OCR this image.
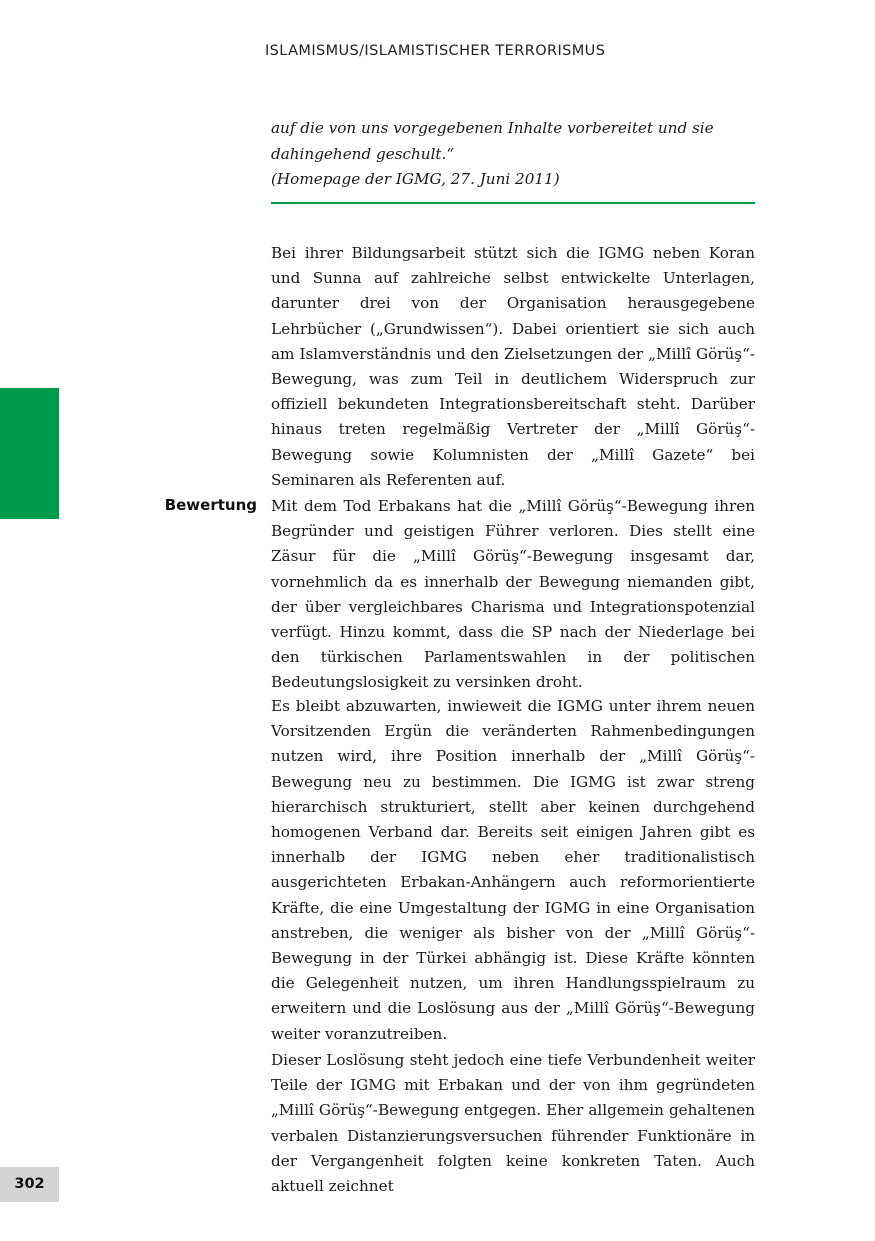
ISLAMISMUS/ISLAMISTISCHER TERRORISMUS

auf die von uns vorgegebenen Inhalte vorbereitet und sie dahingehend geschult.“

(Homepage der IGMG, 27. Juni 2011)

Bei ihrer Bildungsarbeit stützt sich die IGMG neben Koran und Sunna auf zahlreiche selbst entwickelte Unterlagen, darunter drei von der Organisation herausgegebene Lehrbücher („Grundwissen“). Dabei orientiert sie sich auch am Islamverständnis und den Zielsetzungen der „Millî Görüş“-Bewegung, was zum Teil in deutlichem Widerspruch zur offiziell bekundeten Integrationsbereitschaft steht. Darüber hinaus treten regelmäßig Vertreter der „Millî Görüş“-Bewegung sowie Kolumnisten der „Millî Gazete“ bei Seminaren als Referenten auf.

Bewertung Mit dem Tod Erbakans hat die „Millî Görüş“-Bewegung ihren Begründer und geistigen Führer verloren. Dies stellt eine Zäsur für die „Millî Görüş“-Bewegung insgesamt dar, vornehmlich da es innerhalb der Bewegung niemanden gibt, der über vergleichbares Charisma und Integrationspotenzial verfügt. Hinzu kommt, dass die SP nach der Niederlage bei den türkischen Parlamentswahlen in der politischen Bedeutungslosigkeit zu versinken droht.

Es bleibt abzuwarten, inwieweit die IGMG unter ihrem neuen Vorsitzenden Ergün die veränderten Rahmenbedingungen nutzen wird, ihre Position innerhalb der „Millî Görüş“-Bewegung neu zu bestimmen. Die IGMG ist zwar streng hierarchisch strukturiert, stellt aber keinen durchgehend homogenen Verband dar. Bereits seit einigen Jahren gibt es innerhalb der IGMG neben eher traditionalistisch ausgerichteten Erbakan-Anhängern auch reformorientierte Kräfte, die eine Umgestaltung der IGMG in eine Organisation anstreben, die weniger als bisher von der „Millî Görüş“-Bewegung in der Türkei abhängig ist. Diese Kräfte könnten die Gelegenheit nutzen, um ihren Handlungsspielraum zu erweitern und die Loslösung aus der „Millî Görüş“-Bewegung weiter voranzutreiben.

Dieser Loslösung steht jedoch eine tiefe Verbundenheit weiter Teile der IGMG mit Erbakan und der von ihm gegründeten „Millî Görüş“-Bewegung entgegen. Eher allgemein gehaltenen verbalen Distanzierungsversuchen führender Funktionäre in der Vergangenheit folgten keine konkreten Taten. Auch aktuell zeichnet

302
